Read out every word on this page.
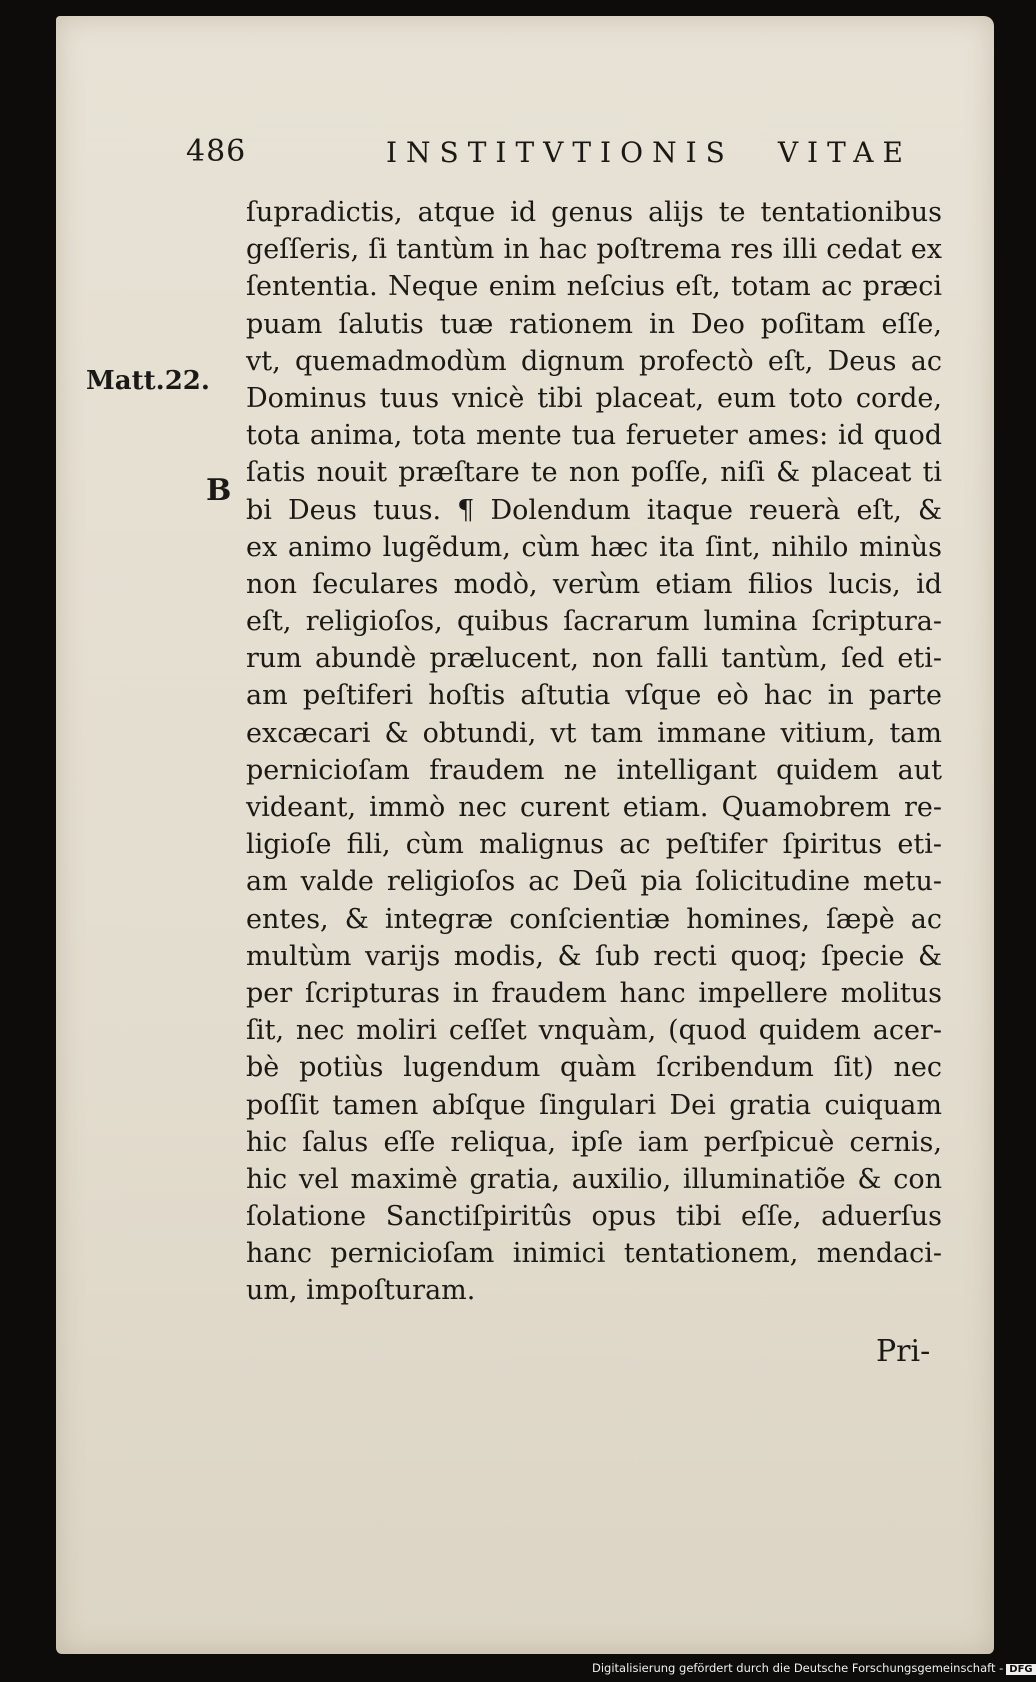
486	INSTITVTIONIS VITAE
Matt.22.
B
ſupradictis, atque id genus alijs te tentationibus
geſſeris, ſi tantùm in hac poſtrema res illi cedat ex
ſententia. Neque enim neſcius eſt, totam ac præci
puam ſalutis tuæ rationem in Deo poſitam eſſe,
vt, quemadmodùm dignum profectò eſt, Deus ac
Dominus tuus vnicè tibi placeat, eum toto corde,
tota anima, tota mente tua ferueter ames: id quod
ſatis nouit præſtare te non poſſe, niſi & placeat ti
bi Deus tuus. ¶ Dolendum itaque reuerà eſt, &
ex animo lugẽdum, cùm hæc ita ſint, nihilo minùs
non ſeculares modò, verùm etiam filios lucis, id
eſt, religioſos, quibus ſacrarum lumina ſcriptura-
rum abundè prælucent, non falli tantùm, ſed eti-
am peſtiferi hoſtis aſtutia vſque eò hac in parte
excæcari & obtundi, vt tam immane vitium, tam
pernicioſam fraudem ne intelligant quidem aut
videant, immò nec curent etiam. Quamobrem re-
ligioſe fili, cùm malignus ac peſtifer ſpiritus eti-
am valde religioſos ac Deũ pia ſolicitudine metu-
entes, & integræ conſcientiæ homines, ſæpè ac
multùm varijs modis, & ſub recti quoq; ſpecie &
per ſcripturas in fraudem hanc impellere molitus
ſit, nec moliri ceſſet vnquàm, (quod quidem acer-
bè potiùs lugendum quàm ſcribendum ſit) nec
poſſit tamen abſque ſingulari Dei gratia cuiquam
hic ſalus eſſe reliqua, ipſe iam perſpicuè cernis,
hic vel maximè gratia, auxilio, illuminatiõe & con
ſolatione Sanctiſpiritûs opus tibi eſſe, aduerſus
hanc pernicioſam inimici tentationem, mendaci-
um, impoſturam.
Pri-
Digitalisierung gefördert durch die Deutsche Forschungsgemeinschaft - DFG
